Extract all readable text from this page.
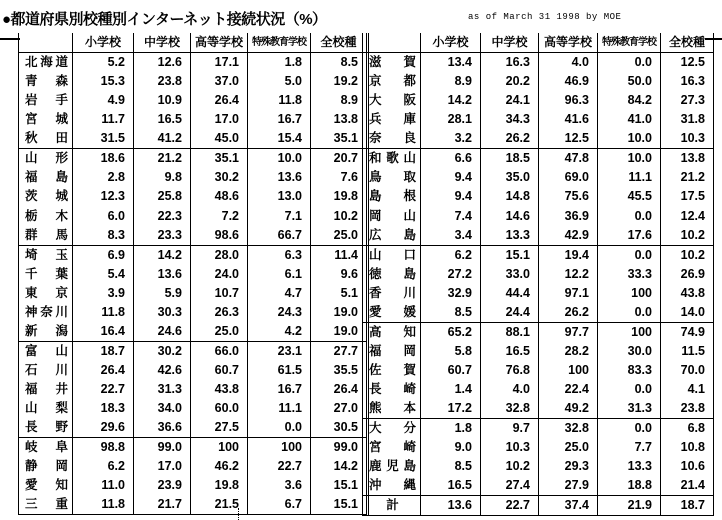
●都道府県別校種別インターネット接続状況（%）	as of March 31 1998 by MOE
	小学校	中学校	高等学校	特殊教育学校	全校種
北海道	5.2	12.6	17.1	1.8	8.5
青森	15.3	23.8	37.0	5.0	19.2
岩手	4.9	10.9	26.4	11.8	8.9
宮城	11.7	16.5	17.0	16.7	13.8
秋田	31.5	41.2	45.0	15.4	35.1
山形	18.6	21.2	35.1	10.0	20.7
福島	2.8	9.8	30.2	13.6	7.6
茨城	12.3	25.8	48.6	13.0	19.8
栃木	6.0	22.3	7.2	7.1	10.2
群馬	8.3	23.3	98.6	66.7	25.0
埼玉	6.9	14.2	28.0	6.3	11.4
千葉	5.4	13.6	24.0	6.1	9.6
東京	3.9	5.9	10.7	4.7	5.1
神奈川	11.8	30.3	26.3	24.3	19.0
新潟	16.4	24.6	25.0	4.2	19.0
富山	18.7	30.2	66.0	23.1	27.7
石川	26.4	42.6	60.7	61.5	35.5
福井	22.7	31.3	43.8	16.7	26.4
山梨	18.3	34.0	60.0	11.1	27.0
長野	29.6	36.6	27.5	0.0	30.5
岐阜	98.8	99.0	100	100	99.0
静岡	6.2	17.0	46.2	22.7	14.2
愛知	11.0	23.9	19.8	3.6	15.1
三重	11.8	21.7	21.5	6.7	15.1
	小学校	中学校	高等学校	特殊教育学校	全校種
滋賀	13.4	16.3	4.0	0.0	12.5
京都	8.9	20.2	46.9	50.0	16.3
大阪	14.2	24.1	96.3	84.2	27.3
兵庫	28.1	34.3	41.6	41.0	31.8
奈良	3.2	26.2	12.5	10.0	10.3
和歌山	6.6	18.5	47.8	10.0	13.8
鳥取	9.4	35.0	69.0	11.1	21.2
島根	9.4	14.8	75.6	45.5	17.5
岡山	7.4	14.6	36.9	0.0	12.4
広島	3.4	13.3	42.9	17.6	10.2
山口	6.2	15.1	19.4	0.0	10.2
徳島	27.2	33.0	12.2	33.3	26.9
香川	32.9	44.4	97.1	100	43.8
愛媛	8.5	24.4	26.2	0.0	14.0
高知	65.2	88.1	97.7	100	74.9
福岡	5.8	16.5	28.2	30.0	11.5
佐賀	60.7	76.8	100	83.3	70.0
長崎	1.4	4.0	22.4	0.0	4.1
熊本	17.2	32.8	49.2	31.3	23.8
大分	1.8	9.7	32.8	0.0	6.8
宮崎	9.0	10.3	25.0	7.7	10.8
鹿児島	8.5	10.2	29.3	13.3	10.6
沖縄	16.5	27.4	27.9	18.8	21.4
計	13.6	22.7	37.4	21.9	18.7
